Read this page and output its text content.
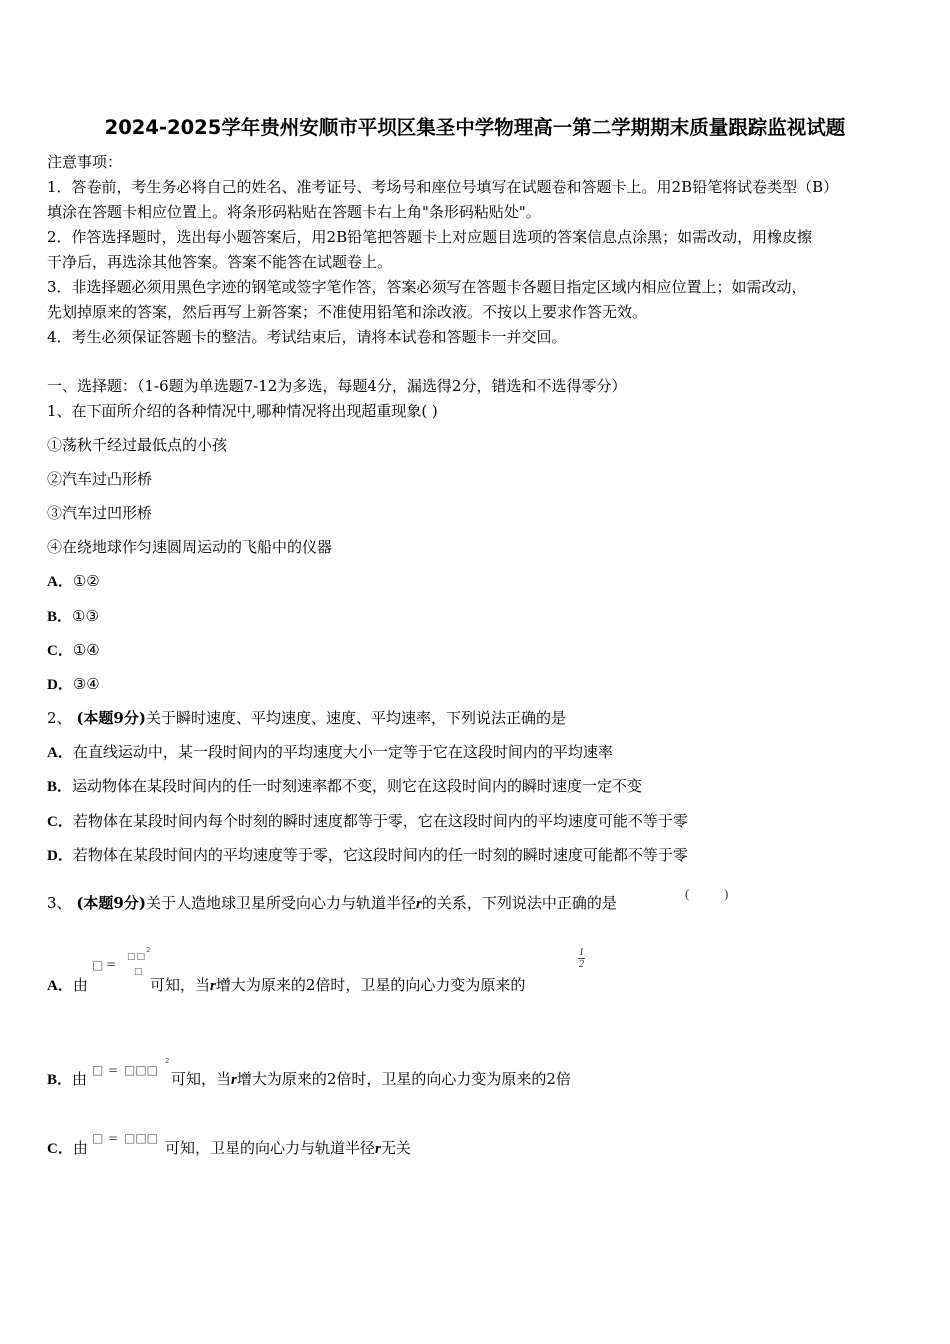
2024-2025学年贵州安顺市平坝区集圣中学物理高一第二学期期末质量跟踪监视试题
注意事项：
1．答卷前，考生务必将自己的姓名、准考证号、考场号和座位号填写在试题卷和答题卡上。用2B铅笔将试卷类型（B）
填涂在答题卡相应位置上。将条形码粘贴在答题卡右上角"条形码粘贴处"。
2．作答选择题时，选出每小题答案后，用2B铅笔把答题卡上对应题目选项的答案信息点涂黑；如需改动，用橡皮擦
干净后，再选涂其他答案。答案不能答在试题卷上。
3．非选择题必须用黑色字迹的钢笔或签字笔作答，答案必须写在答题卡各题目指定区域内相应位置上；如需改动，
先划掉原来的答案，然后再写上新答案；不准使用铅笔和涂改液。不按以上要求作答无效。
4．考生必须保证答题卡的整洁。考试结束后，请将本试卷和答题卡一并交回。
一、选择题：（1-6题为单选题7-12为多选，每题4分，漏选得2分，错选和不选得零分）
1、在下面所介绍的各种情况中,哪种情况将出现超重现象( )
①荡秋千经过最低点的小孩
②汽车过凸形桥
③汽车过凹形桥
④在绕地球作匀速圆周运动的飞船中的仪器
A．①②
B．①③
C．①④
D．③④
2、 (本题9分)关于瞬时速度、平均速度、速度、平均速率，下列说法正确的是
A．在直线运动中，某一段时间内的平均速度大小一定等于它在这段时间内的平均速率
B．运动物体在某段时间内的任一时刻速率都不变，则它在这段时间内的瞬时速度一定不变
C．若物体在某段时间内每个时刻的瞬时速度都等于零，它在这段时间内的平均速度可能不等于零
D．若物体在某段时间内的平均速度等于零，它这段时间内的任一时刻的瞬时速度可能都不等于零
3、 (本题9分)关于人造地球卫星所受向心力与轨道半径r的关系，下列说法中正确的是
(	)
A．由
□ = □□
2
□
可知，当r增大为原来的2倍时，卫星的向心力变为原来的
1
2
B．由 □ = □□□
2
可知，当r增大为原来的2倍时，卫星的向心力变为原来的2倍
C．由
□ = □□□
可知，卫星的向心力与轨道半径r无关
